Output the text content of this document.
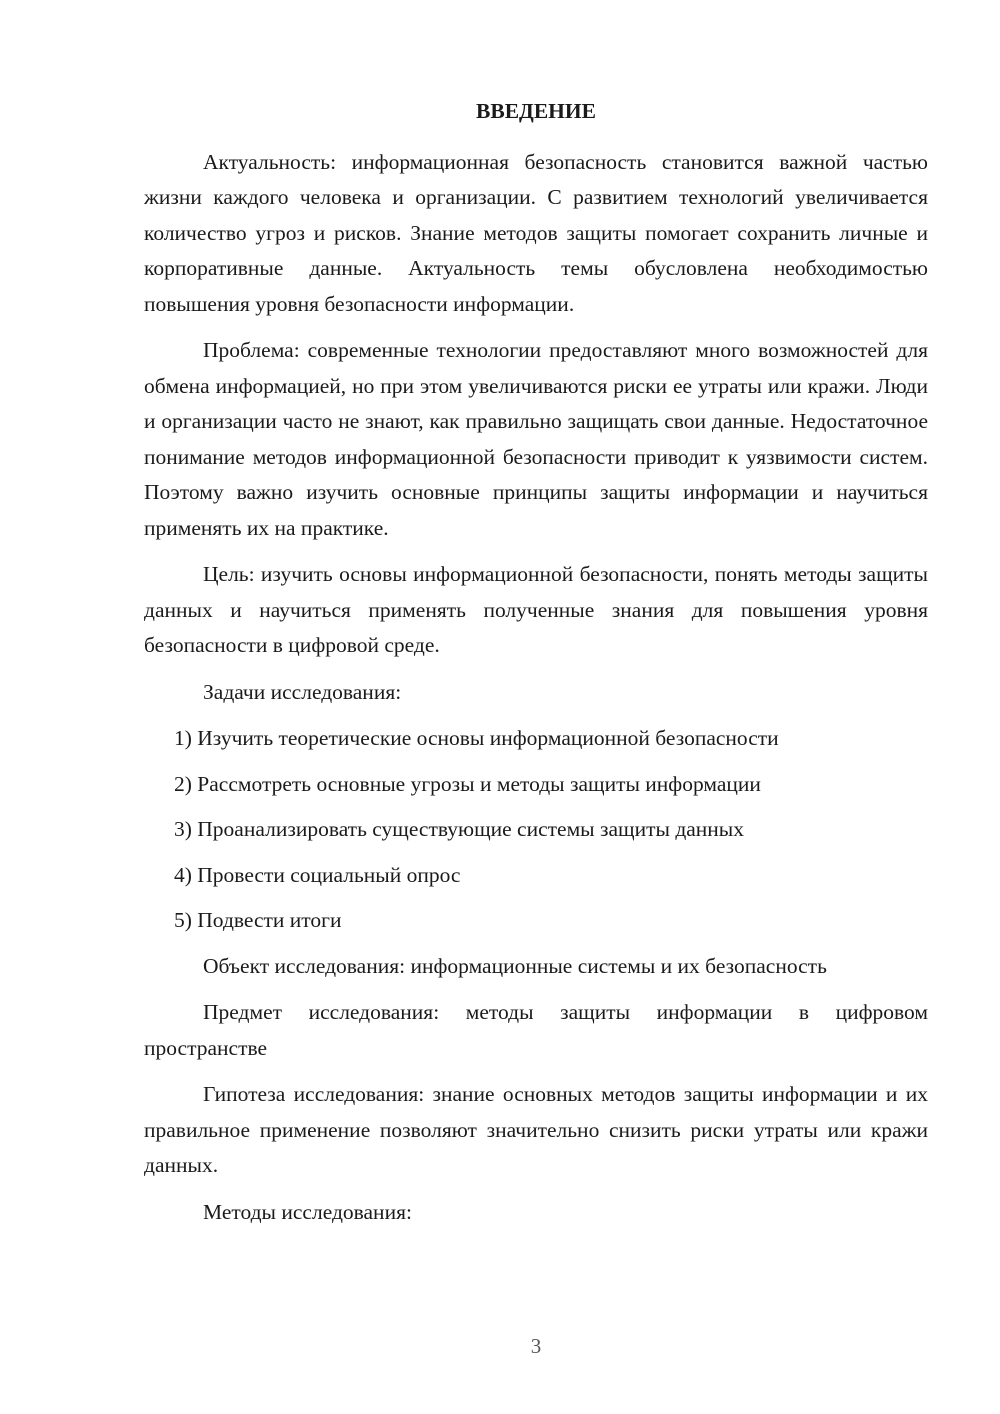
ВВЕДЕНИЕ

Актуальность: информационная безопасность становится важной частью жизни каждого человека и организации. С развитием технологий увеличивается количество угроз и рисков. Знание методов защиты помогает сохранить личные и корпоративные данные. Актуальность темы обусловлена необходимостью повышения уровня безопасности информации.

Проблема: современные технологии предоставляют много возможностей для обмена информацией, но при этом увеличиваются риски ее утраты или кражи. Люди и организации часто не знают, как правильно защищать свои данные. Недостаточное понимание методов информационной безопасности приводит к уязвимости систем. Поэтому важно изучить основные принципы защиты информации и научиться применять их на практике.

Цель: изучить основы информационной безопасности, понять методы защиты данных и научиться применять полученные знания для повышения уровня безопасности в цифровой среде.

Задачи исследования:

1) Изучить теоретические основы информационной безопасности
2) Рассмотреть основные угрозы и методы защиты информации
3) Проанализировать существующие системы защиты данных
4) Провести социальный опрос
5) Подвести итоги

Объект исследования: информационные системы и их безопасность

Предмет исследования: методы защиты информации в цифровом пространстве

Гипотеза исследования: знание основных методов защиты информации и их правильное применение позволяют значительно снизить риски утраты или кражи данных.

Методы исследования:

3
